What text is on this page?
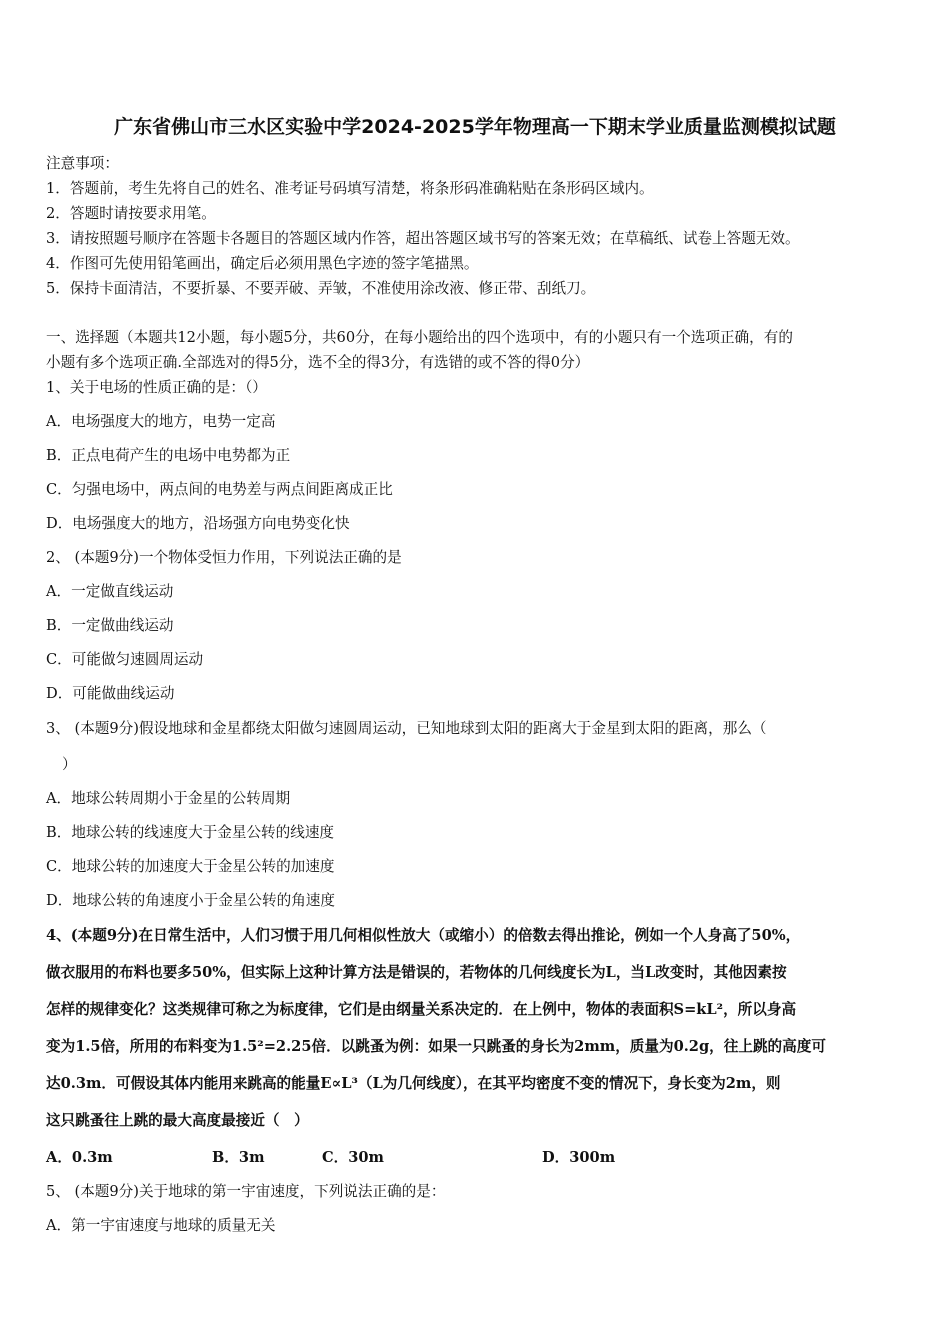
广东省佛山市三水区实验中学2024-2025学年物理高一下期末学业质量监测模拟试题
注意事项：
1．答题前，考生先将自己的姓名、准考证号码填写清楚，将条形码准确粘贴在条形码区域内。
2．答题时请按要求用笔。
3．请按照题号顺序在答题卡各题目的答题区域内作答，超出答题区域书写的答案无效；在草稿纸、试卷上答题无效。
4．作图可先使用铅笔画出，确定后必须用黑色字迹的签字笔描黑。
5．保持卡面清洁，不要折暴、不要弄破、弄皱，不准使用涂改液、修正带、刮纸刀。
一、选择题（本题共12小题，每小题5分，共60分，在每小题给出的四个选项中，有的小题只有一个选项正确，有的
小题有多个选项正确.全部选对的得5分，选不全的得3分，有选错的或不答的得0分）
1、关于电场的性质正确的是：（）
A．电场强度大的地方，电势一定高
B．正点电荷产生的电场中电势都为正
C．匀强电场中，两点间的电势差与两点间距离成正比
D．电场强度大的地方，沿场强方向电势变化快
2、 (本题9分)一个物体受恒力作用，下列说法正确的是
A．一定做直线运动
B．一定做曲线运动
C．可能做匀速圆周运动
D．可能做曲线运动
3、 (本题9分)假设地球和金星都绕太阳做匀速圆周运动，已知地球到太阳的距离大于金星到太阳的距离，那么（
）
A．地球公转周期小于金星的公转周期
B．地球公转的线速度大于金星公转的线速度
C．地球公转的加速度大于金星公转的加速度
D．地球公转的角速度小于金星公转的角速度
4、(本题9分)在日常生活中，人们习惯于用几何相似性放大（或缩小）的倍数去得出推论，例如一个人身高了50%，
做衣服用的布料也要多50%，但实际上这种计算方法是错误的，若物体的几何线度长为L，当L改变时，其他因素按
怎样的规律变化？这类规律可称之为标度律，它们是由纲量关系决定的．在上例中，物体的表面积S=kL²，所以身高
变为1.5倍，所用的布料变为1.5²=2.25倍．以跳蚤为例：如果一只跳蚤的身长为2mm，质量为0.2g，往上跳的高度可
达0.3m．可假设其体内能用来跳高的能量E∝L³（L为几何线度），在其平均密度不变的情况下，身长变为2m，则
这只跳蚤往上跳的最大高度最接近（　）
A．0.3m	B．3m	C．30m	D．300m
5、 (本题9分)关于地球的第一宇宙速度，下列说法正确的是：
A．第一宇宙速度与地球的质量无关
